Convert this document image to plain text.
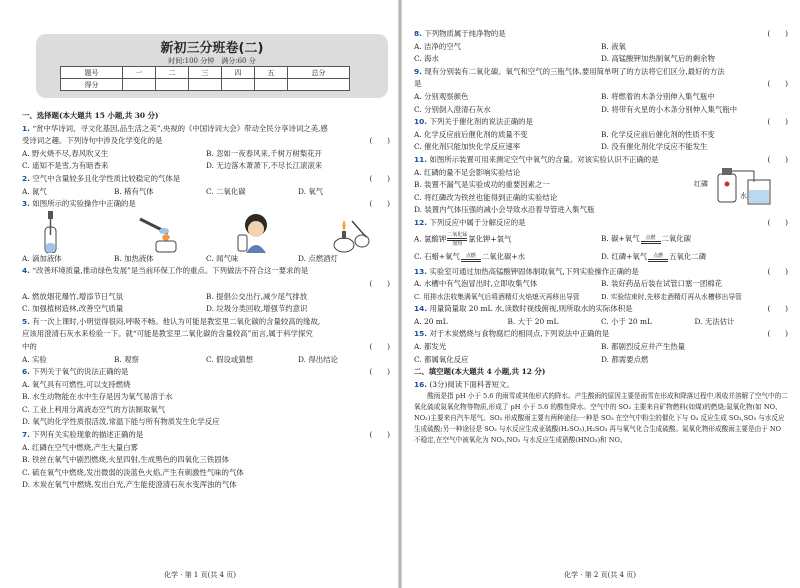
新初三分班卷(二)
时间:100 分钟　满分:60 分
题号	一	二	三	四	五	总分
得分						
一、选择题(本大题共 15 小题,共 30 分)
1. “赏中华诗词、寻文化基因,品生活之美”,央视的《中国诗词大会》带动全民分享诗词之美,感
受诗词之趣。下列诗句中涉及化学变化的是	(　　)
A. 野火烧不尽,春风吹又生	B. 忽如一夜春风来,千树万树梨花开
C. 遥知不是雪,为有暗香来	D. 无边落木萧萧下,不尽长江滚滚来
2. 空气中含量较多且化学性质比较稳定的气体是	(　　)
A. 氮气	B. 稀有气体	C. 二氧化碳	D. 氧气
3. 如图所示的实验操作中正确的是	(　　)
A. 滴加液体	B. 加热液体	C. 闻气味	D. 点燃酒灯
4. “改善环境质量,推动绿色发展”是当前环保工作的重点。下列做法不符合这一要求的是
(　　)
A. 燃放烟花爆竹,增添节日气氛	B. 提倡公交出行,减少尾气排放
C. 加强植树造林,改善空气质量	D. 垃圾分类回收,增强节约意识
5. 有一次上课时,小明觉得很闷,呼吸不畅。他认为可能是教室里二氧化碳的含量较高的缘故,
应该用澄清石灰水来检验一下。就“可能是教室里二氧化碳的含量较高”而言,属于科学探究
中的	(　　)
A. 实验	B. 观察	C. 假设或猜想	D. 得出结论
6. 下列关于氧气的说法正确的是	(　　)
A. 氧气具有可燃性,可以支持燃烧
B. 水生动物能在水中生存是因为氧气易溶于水
C. 工业上利用分离液态空气的方法制取氧气
D. 氧气的化学性质很活泼,常温下能与所有物质发生化学反应
7. 下列有关实验现象的描述正确的是	(　　)
A. 红磷在空气中燃烧,产生大量白雾
B. 铁丝在氧气中剧烈燃烧,火星四射,生成黑色的四氧化三铁固体
C. 硫在氧气中燃烧,发出微弱的淡蓝色火焰,产生有刺激性气味的气体
D. 木炭在氧气中燃烧,发出白光,产生能使澄清石灰水变浑浊的气体
化学 · 第 1 页(共 4 页)
8. 下列物质属于纯净物的是	(　　)
A. 洁净的空气	B. 液氧
C. 海水	D. 高锰酸钾加热制氧气后的剩余物
9. 现有分别装有二氧化碳、氧气和空气的三瓶气体,要用简单明了的方法将它们区分,最好的方法
是	(　　)
A. 分别观察颜色	B. 将燃着的木条分别伸入集气瓶中
C. 分别倒入澄清石灰水	D. 将带有火星的小木条分别伸入集气瓶中
10. 下列关于催化剂的说法正确的是	(　　)
A. 化学反应前后催化剂的质量不变	B. 化学反应前后催化剂的性质不变
C. 催化剂只能加快化学反应速率	D. 没有催化剂化学反应不能发生
11. 如图所示装置可用来测定空气中氧气的含量。对该实验认识不正确的是	(　　)
A. 红磷的量不足会影响实验结论
B. 装置不漏气是实验成功的重要因素之一
C. 将红磷改为铁丝也能得到正确的实验结论
D. 装置内气体压强的减小会导致水沿着导管进入集气瓶
红磷
水
12. 下列反应中属于分解反应的是	(　　)
A. 氯酸钾二氧化锰

加热氯化钾+氧气	B. 碳+氧气 点燃 二氧化碳
C. 石蜡+氧气 点燃 二氧化碳+水	D. 红磷+氧气 点燃 五氧化二磷
13. 实验室可通过加热高锰酸钾固体制取氧气,下列实验操作正确的是	(　　)
A. 水槽中有气泡冒出时,立即收集气体	B. 装好药品后装在试管口塞一团棉花
C. 用排水法收集满氧气后将酒精灯火焰熄灭再移出导管	D. 实验结束时,先移走酒精灯再从水槽移出导管
14. 用量筒量取 20 mL 水,读数时视线俯视,则所取水的实际体积是	(　　)
A. 20 mL	B. 大于 20 mL	C. 小于 20 mL	D. 无法估计
15. 对于木炭燃烧与食物腐烂的相同点,下列说法中正确的是	(　　)
A. 都发光	B. 都剧烈反应并产生热量
C. 都属氧化反应	D. 都需要点燃
二、填空题(本大题共 4 小题,共 12 分)
16. (3分)阅读下面科普短文。
酸雨是指 pH 小于 5.6 的雨雪或其他形式的降水。产生酸雨的原因主要是雨雪在形成和降落过程中,吸收并溶解了空气中的二氧化硫或氮氧化物等物质,形成了 pH 小于 5.6 的酸性降水。空气中的 SO₂ 主要来自矿物燃料(如煤)的燃烧;氮氧化物(如 NO、NO₂)主要来自汽车尾气。SO₂ 形成酸雨主要有两种途径:一种是 SO₂ 在空气中粉尘的催化下与 O₂ 反应生成 SO₃,SO₃ 与水反应生成硫酸;另一种途径是 SO₂ 与水反应生成亚硫酸(H₂SO₃),H₂SO₃ 再与氧气化合生成硫酸。氮氧化物形成酸雨主要是由于 NO 不稳定,在空气中被氧化为 NO₂,NO₂ 与水反应生成硝酸(HNO₃)和 NO。
化学 · 第 2 页(共 4 页)
